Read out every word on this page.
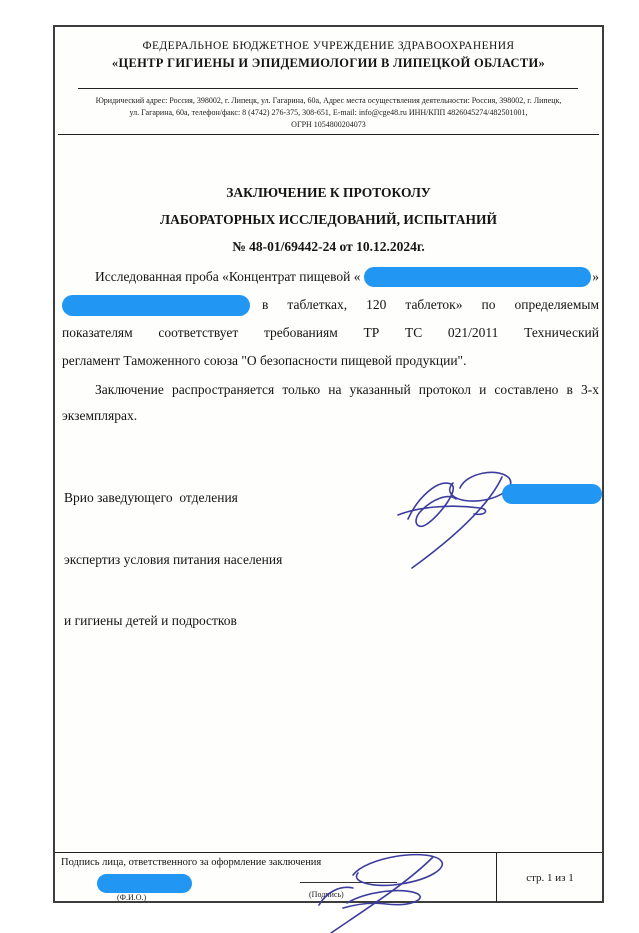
ФЕДЕРАЛЬНОЕ БЮДЖЕТНОЕ УЧРЕЖДЕНИЕ ЗДРАВООХРАНЕНИЯ
«ЦЕНТР ГИГИЕНЫ И ЭПИДЕМИОЛОГИИ В ЛИПЕЦКОЙ ОБЛАСТИ»
Юридический адрес: Россия, 398002, г. Липецк, ул. Гагарина, 60а, Адрес места осуществления деятельности: Россия, 398002, г. Липецк,
ул. Гагарина, 60а, телефон/факс: 8 (4742) 276-375, 308-651, E-mail: info@cge48.ru ИНН/КПП 4826045274/482501001,
ОГРН 1054800204073
ЗАКЛЮЧЕНИЕ К ПРОТОКОЛУ
ЛАБОРАТОРНЫХ ИССЛЕДОВАНИЙ, ИСПЫТАНИЙ
№ 48-01/69442-24 от 10.12.2024г.
Исследованная проба «Концентрат пищевой «	»
в таблетках, 120 таблеток» по определяемым
показателям соответствует требованиям ТР ТС 021/2011 Технический
регламент Таможенного союза "О безопасности пищевой продукции".
Заключение распространяется только на указанный протокол и составлено в 3-х
экземплярах.

Врио заведующего  отделения

экспертиз условия питания населения

и гигиены детей и подростков

Подпись лица, ответственного за оформление заключения
(Ф.И.О.)	(Подпись)
стр. 1 из 1
